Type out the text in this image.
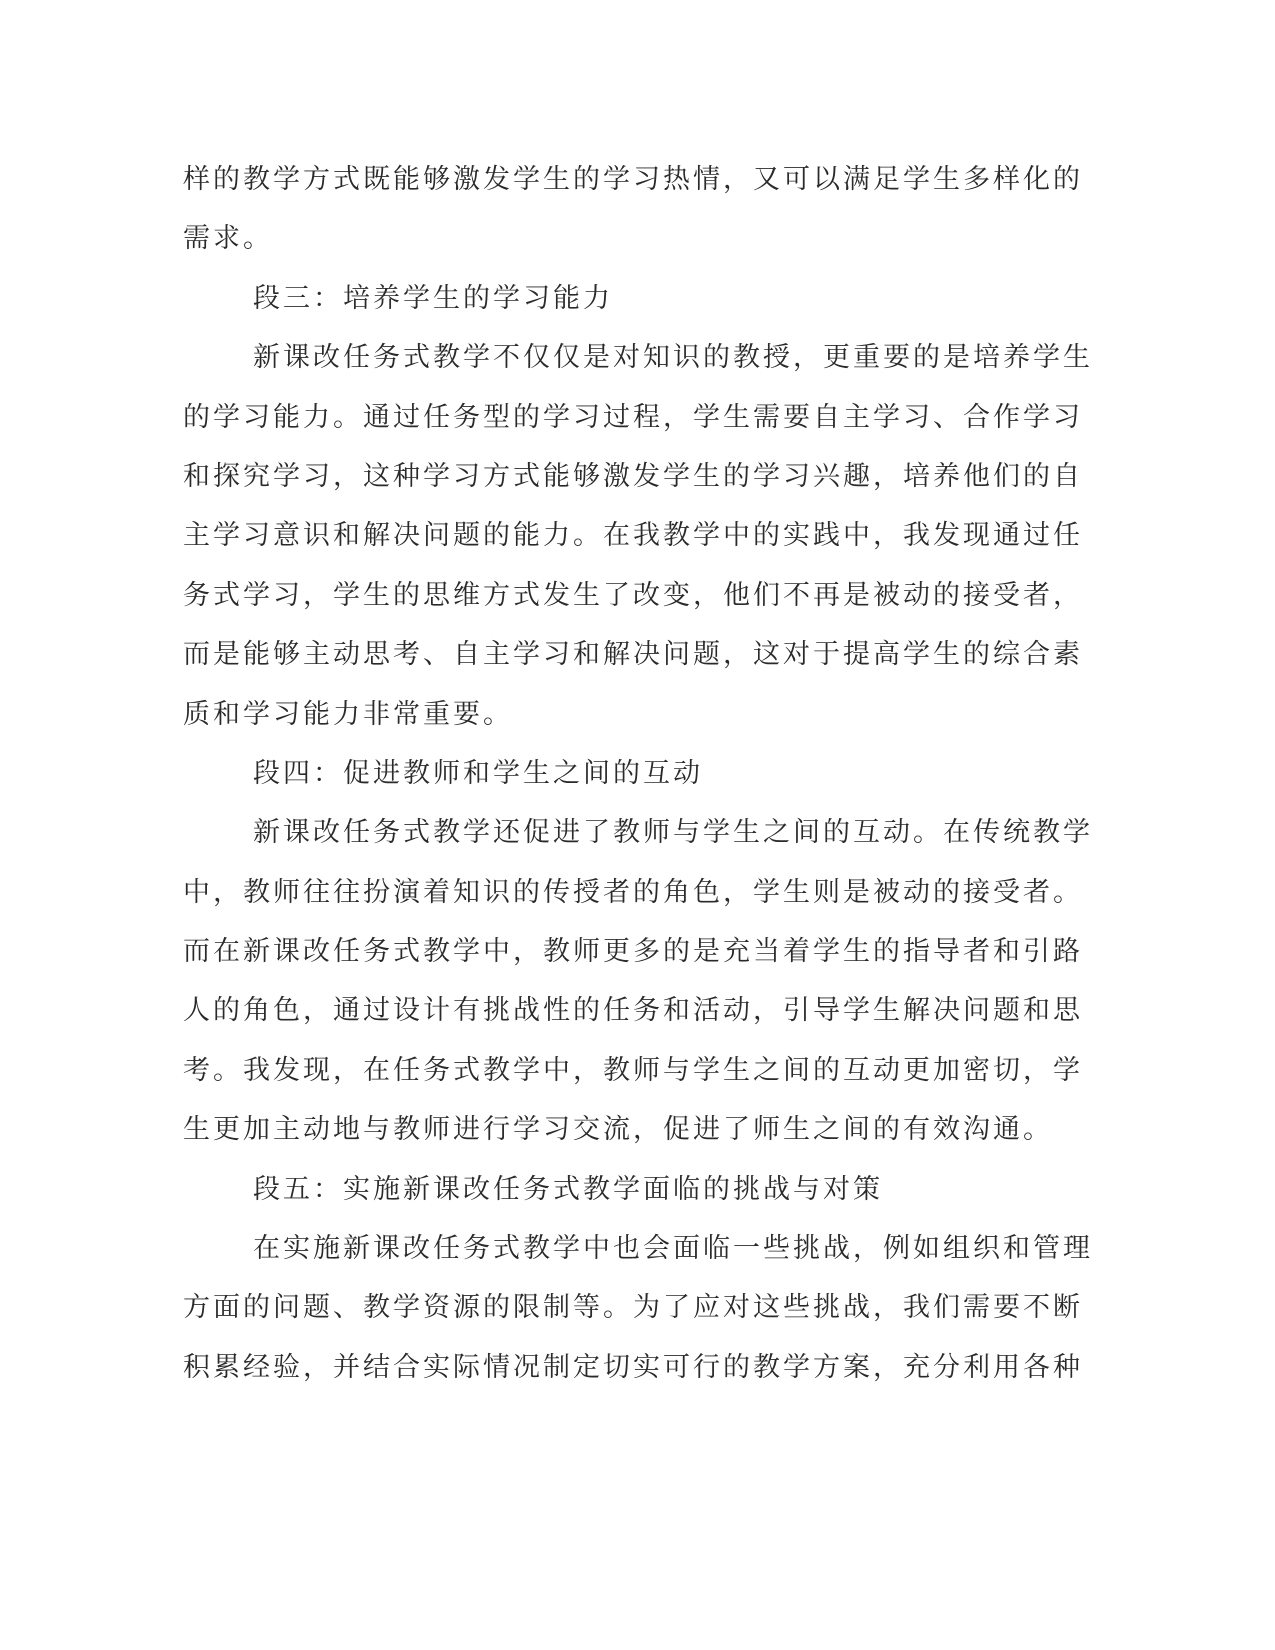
样的教学方式既能够激发学生的学习热情，又可以满足学生多样化的
需求。
段三：培养学生的学习能力
新课改任务式教学不仅仅是对知识的教授，更重要的是培养学生
的学习能力。通过任务型的学习过程，学生需要自主学习、合作学习
和探究学习，这种学习方式能够激发学生的学习兴趣，培养他们的自
主学习意识和解决问题的能力。在我教学中的实践中，我发现通过任
务式学习，学生的思维方式发生了改变，他们不再是被动的接受者，
而是能够主动思考、自主学习和解决问题，这对于提高学生的综合素
质和学习能力非常重要。
段四：促进教师和学生之间的互动
新课改任务式教学还促进了教师与学生之间的互动。在传统教学
中，教师往往扮演着知识的传授者的角色，学生则是被动的接受者。
而在新课改任务式教学中，教师更多的是充当着学生的指导者和引路
人的角色，通过设计有挑战性的任务和活动，引导学生解决问题和思
考。我发现，在任务式教学中，教师与学生之间的互动更加密切，学
生更加主动地与教师进行学习交流，促进了师生之间的有效沟通。
段五：实施新课改任务式教学面临的挑战与对策
在实施新课改任务式教学中也会面临一些挑战，例如组织和管理
方面的问题、教学资源的限制等。为了应对这些挑战，我们需要不断
积累经验，并结合实际情况制定切实可行的教学方案，充分利用各种
